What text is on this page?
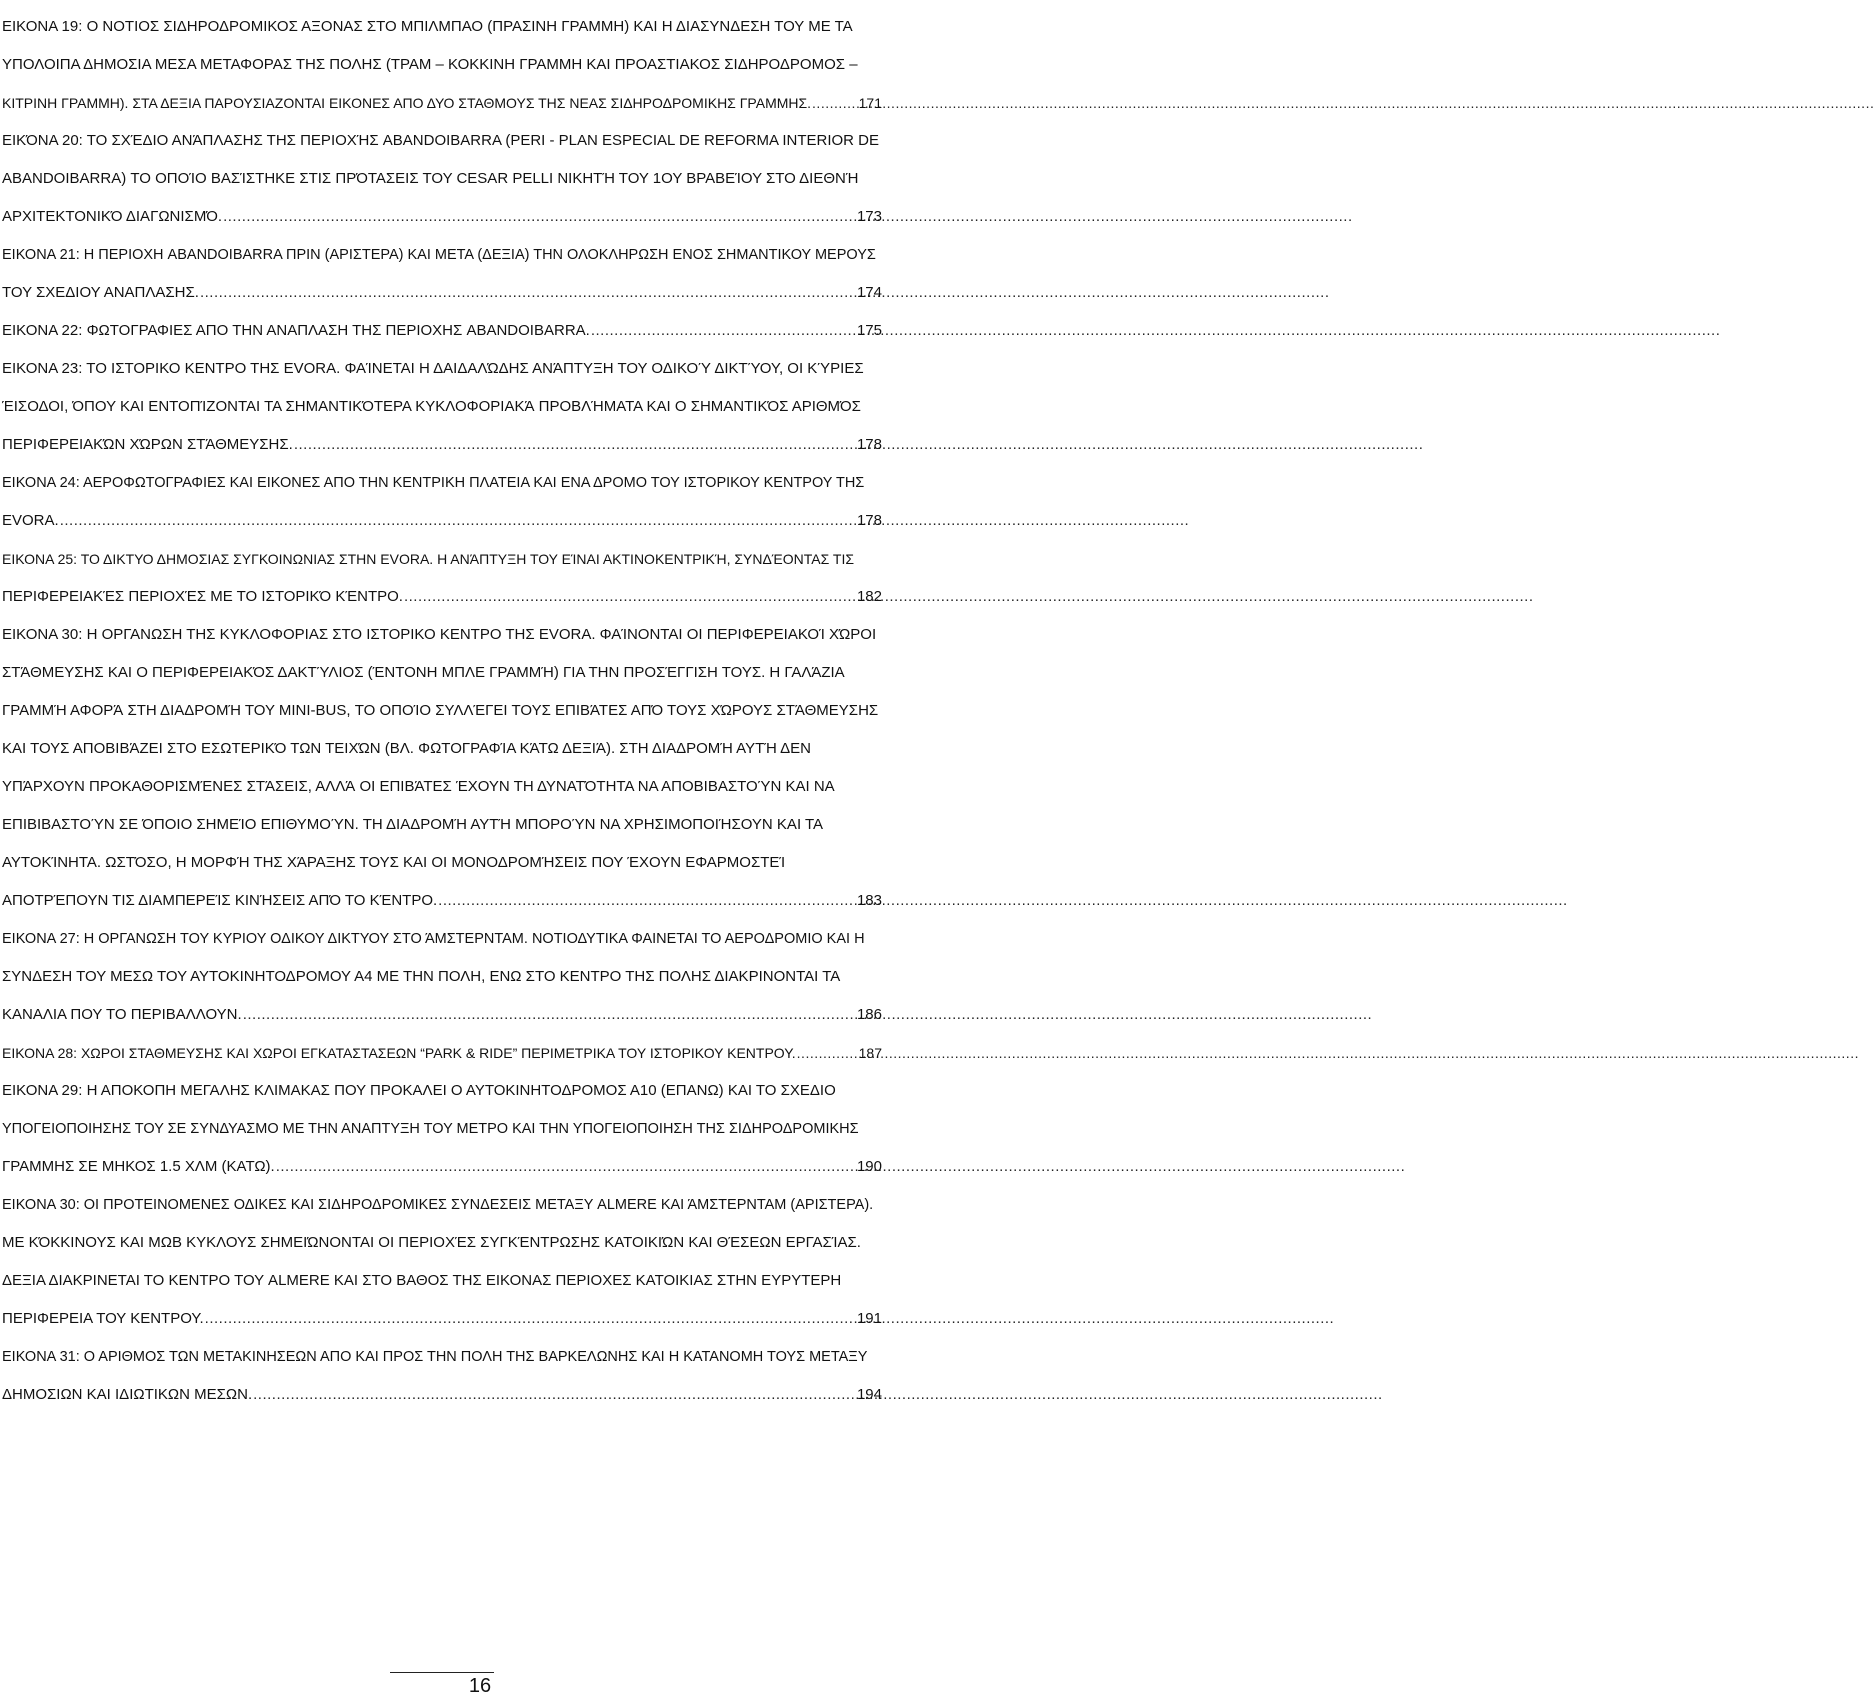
ΕΙΚΟΝΑ 19: Ο ΝΟΤΙΟΣ ΣΙΔΗΡΟΔΡΟΜΙΚΟΣ ΑΞΟΝΑΣ ΣΤΟ ΜΠΙΛΜΠΑΟ (ΠΡΑΣΙΝΗ ΓΡΑΜΜΗ) ΚΑΙ Η ΔΙΑΣΥΝΔΕΣΗ ΤΟΥ ΜΕ ΤΑ
ΥΠΟΛΟΙΠΑ ΔΗΜΟΣΙΑ ΜΕΣΑ ΜΕΤΑΦΟΡΑΣ ΤΗΣ ΠΟΛΗΣ (ΤΡΑΜ – ΚΟΚΚΙΝΗ ΓΡΑΜΜΗ ΚΑΙ ΠΡΟΑΣΤΙΑΚΟΣ ΣΙΔΗΡΟΔΡΟΜΟΣ –
ΚΙΤΡΙΝΗ ΓΡΑΜΜΗ). ΣΤΑ ΔΕΞΙΑ ΠΑΡΟΥΣΙΑΖΟΝΤΑΙ ΕΙΚΟΝΕΣ ΑΠΟ ΔΥΟ ΣΤΑΘΜΟΥΣ ΤΗΣ ΝΕΑΣ ΣΙΔΗΡΟΔΡΟΜΙΚΗΣ ΓΡΑΜΜΗΣ. .....	171
ΕΙΚΌΝΑ 20: ΤΟ ΣΧΈΔΙΟ ΑΝΆΠΛΑΣΗΣ ΤΗΣ ΠΕΡΙΟΧΉΣ ABANDOIBARRA (PERI - PLAN ESPECIAL DE REFORMA INTERIOR DE
ABANDOIBARRA) ΤΟ ΟΠΟΊΟ ΒΑΣΊΣΤΗΚΕ ΣΤΙΣ ΠΡΌΤΑΣΕΙΣ ΤΟΥ CESAR PELLI ΝΙΚΗΤΉ ΤΟΥ 1ΟΥ ΒΡΑΒΕΊΟΥ ΣΤΟ ΔΙΕΘΝΉ
ΑΡΧΙΤΕΚΤΟΝΙΚΌ ΔΙΑΓΩΝΙΣΜΌ. .....	173
ΕΙΚΟΝΑ 21: Η ΠΕΡΙΟΧΗ ABANDOIBARRA ΠΡΙΝ (ΑΡΙΣΤΕΡΑ) ΚΑΙ ΜΕΤΑ (ΔΕΞΙΑ) ΤΗΝ ΟΛΟΚΛΗΡΩΣΗ ΕΝΟΣ ΣΗΜΑΝΤΙΚΟΥ ΜΕΡΟΥΣ
ΤΟΥ ΣΧΕΔΙΟΥ ΑΝΑΠΛΑΣΗΣ. .....	174
ΕΙΚΟΝΑ 22: ΦΩΤΟΓΡΑΦΙΕΣ ΑΠΟ ΤΗΝ ΑΝΑΠΛΑΣΗ ΤΗΣ ΠΕΡΙΟΧΗΣ ABANDOIBARRA. .....	175
ΕΙΚΟΝΑ 23: ΤΟ ΙΣΤΟΡΙΚΟ ΚΕΝΤΡΟ ΤΗΣ EVORA. ΦΑΊΝΕΤΑΙ Η ΔΑΙΔΑΛΏΔΗΣ ΑΝΆΠΤΥΞΗ ΤΟΥ ΟΔΙΚΟΎ ΔΙΚΤΎΟΥ, ΟΙ ΚΎΡΙΕΣ
ΈΙΣΟΔΟΙ, ΌΠΟΥ ΚΑΙ ΕΝΤΟΠΊΖΟΝΤΑΙ ΤΑ ΣΗΜΑΝΤΙΚΌΤΕΡΑ ΚΥΚΛΟΦΟΡΙΑΚΆ ΠΡΟΒΛΉΜΑΤΑ ΚΑΙ Ο ΣΗΜΑΝΤΙΚΌΣ ΑΡΙΘΜΌΣ
ΠΕΡΙΦΕΡΕΙΑΚΏΝ ΧΏΡΩΝ ΣΤΆΘΜΕΥΣΗΣ. .....	178
ΕΙΚΟΝΑ 24: ΑΕΡΟΦΩΤΟΓΡΑΦΙΕΣ ΚΑΙ ΕΙΚΟΝΕΣ ΑΠΟ ΤΗΝ ΚΕΝΤΡΙΚΗ ΠΛΑΤΕΙΑ ΚΑΙ ΕΝΑ ΔΡΟΜΟ ΤΟΥ ΙΣΤΟΡΙΚΟΥ ΚΕΝΤΡΟΥ ΤΗΣ
EVORA. .....	178
ΕΙΚΟΝΑ 25: ΤΟ ΔΙΚΤΥΟ ΔΗΜΟΣΙΑΣ ΣΥΓΚΟΙΝΩΝΙΑΣ ΣΤΗΝ EVORA. Η ΑΝΆΠΤΥΞΗ ΤΟΥ ΕΊΝΑΙ ΑΚΤΙΝΟΚΕΝΤΡΙΚΉ, ΣΥΝΔΈΟΝΤΑΣ ΤΙΣ
ΠΕΡΙΦΕΡΕΙΑΚΈΣ ΠΕΡΙΟΧΈΣ ΜΕ ΤΟ ΙΣΤΟΡΙΚΌ ΚΈΝΤΡΟ. .....	182
ΕΙΚΟΝΑ 30: Η ΟΡΓΑΝΩΣΗ ΤΗΣ ΚΥΚΛΟΦΟΡΙΑΣ ΣΤΟ ΙΣΤΟΡΙΚΟ ΚΕΝΤΡΟ ΤΗΣ EVORA. ΦΑΊΝΟΝΤΑΙ ΟΙ ΠΕΡΙΦΕΡΕΙΑΚΟΊ ΧΏΡΟΙ
ΣΤΆΘΜΕΥΣΗΣ ΚΑΙ Ο ΠΕΡΙΦΕΡΕΙΑΚΌΣ ΔΑΚΤΎΛΙΟΣ (ΈΝΤΟΝΗ ΜΠΛΕ ΓΡΑΜΜΉ) ΓΙΑ ΤΗΝ ΠΡΟΣΈΓΓΙΣΗ ΤΟΥΣ. Η ΓΑΛΆΖΙΑ
ΓΡΑΜΜΉ ΑΦΟΡΆ ΣΤΗ ΔΙΑΔΡΟΜΉ ΤΟΥ MINI-BUS, ΤΟ ΟΠΟΊΟ ΣΥΛΛΈΓΕΙ ΤΟΥΣ ΕΠΙΒΆΤΕΣ ΑΠΌ ΤΟΥΣ ΧΏΡΟΥΣ ΣΤΆΘΜΕΥΣΗΣ
ΚΑΙ ΤΟΥΣ ΑΠΟΒΙΒΆΖΕΙ ΣΤΟ ΕΣΩΤΕΡΙΚΌ ΤΩΝ ΤΕΙΧΏΝ (ΒΛ. ΦΩΤΟΓΡΑΦΊΑ ΚΆΤΩ ΔΕΞΙΆ). ΣΤΗ ΔΙΑΔΡΟΜΉ ΑΥΤΉ ΔΕΝ
ΥΠΆΡΧΟΥΝ ΠΡΟΚΑΘΟΡΙΣΜΈΝΕΣ ΣΤΆΣΕΙΣ, ΑΛΛΆ ΟΙ ΕΠΙΒΆΤΕΣ ΈΧΟΥΝ ΤΗ ΔΥΝΑΤΌΤΗΤΑ ΝΑ ΑΠΟΒΙΒΑΣΤΟΎΝ ΚΑΙ ΝΑ
ΕΠΙΒΙΒΑΣΤΟΎΝ ΣΕ ΌΠΟΙΟ ΣΗΜΕΊΟ ΕΠΙΘΥΜΟΎΝ. ΤΗ ΔΙΑΔΡΟΜΉ ΑΥΤΉ ΜΠΟΡΟΎΝ ΝΑ ΧΡΗΣΙΜΟΠΟΙΉΣΟΥΝ ΚΑΙ ΤΑ
ΑΥΤΟΚΊΝΗΤΑ. ΩΣΤΌΣΟ, Η ΜΟΡΦΉ ΤΗΣ ΧΆΡΑΞΗΣ ΤΟΥΣ ΚΑΙ ΟΙ ΜΟΝΟΔΡΟΜΉΣΕΙΣ ΠΟΥ ΈΧΟΥΝ ΕΦΑΡΜΟΣΤΕΊ
ΑΠΟΤΡΈΠΟΥΝ ΤΙΣ ΔΙΑΜΠΕΡΕΊΣ ΚΙΝΉΣΕΙΣ ΑΠΌ ΤΟ ΚΈΝΤΡΟ. .....	183
ΕΙΚΟΝΑ 27: Η ΟΡΓΑΝΩΣΗ ΤΟΥ ΚΥΡΙΟΥ ΟΔΙΚΟΥ ΔΙΚΤΥΟΥ ΣΤΟ ΆΜΣΤΕΡΝΤΑΜ. ΝΟΤΙΟΔΥΤΙΚΑ ΦΑΙΝΕΤΑΙ ΤΟ ΑΕΡΟΔΡΟΜΙΟ ΚΑΙ Η
ΣΥΝΔΕΣΗ ΤΟΥ ΜΕΣΩ ΤΟΥ ΑΥΤΟΚΙΝΗΤΟΔΡΟΜΟΥ Α4 ΜΕ ΤΗΝ ΠΟΛΗ, ΕΝΩ ΣΤΟ ΚΕΝΤΡΟ ΤΗΣ ΠΟΛΗΣ ΔΙΑΚΡΙΝΟΝΤΑΙ ΤΑ
ΚΑΝΑΛΙΑ ΠΟΥ ΤΟ ΠΕΡΙΒΑΛΛΟΥΝ. .....	186
ΕΙΚΟΝΑ 28: ΧΩΡΟΙ ΣΤΑΘΜΕΥΣΗΣ ΚΑΙ ΧΩΡΟΙ ΕΓΚΑΤΑΣΤΑΣΕΩΝ “PARK & RIDE” ΠΕΡΙΜΕΤΡΙΚΑ ΤΟΥ ΙΣΤΟΡΙΚΟΥ ΚΕΝΤΡΟΥ. .....	187
ΕΙΚΟΝΑ 29: Η ΑΠΟΚΟΠΗ ΜΕΓΑΛΗΣ ΚΛΙΜΑΚΑΣ ΠΟΥ ΠΡΟΚΑΛΕΙ Ο ΑΥΤΟΚΙΝΗΤΟΔΡΟΜΟΣ Α10 (ΕΠΑΝΩ) ΚΑΙ ΤΟ ΣΧΕΔΙΟ
ΥΠΟΓΕΙΟΠΟΙΗΣΗΣ ΤΟΥ ΣΕ ΣΥΝΔΥΑΣΜΟ ΜΕ ΤΗΝ ΑΝΑΠΤΥΞΗ ΤΟΥ ΜΕΤΡΟ ΚΑΙ ΤΗΝ ΥΠΟΓΕΙΟΠΟΙΗΣΗ ΤΗΣ ΣΙΔΗΡΟΔΡΟΜΙΚΗΣ
ΓΡΑΜΜΗΣ ΣΕ ΜΗΚΟΣ 1.5 ΧΛΜ (ΚΑΤΩ). .....	190
ΕΙΚΟΝΑ 30: ΟΙ ΠΡΟΤΕΙΝΟΜΕΝΕΣ ΟΔΙΚΕΣ ΚΑΙ ΣΙΔΗΡΟΔΡΟΜΙΚΕΣ ΣΥΝΔΕΣΕΙΣ ΜΕΤΑΞΥ ALMERE ΚΑΙ ΆΜΣΤΕΡΝΤΑΜ (ΑΡΙΣΤΕΡΑ).
ΜΕ ΚΌΚΚΙΝΟΥΣ ΚΑΙ ΜΩΒ ΚΥΚΛΟΥΣ ΣΗΜΕΙΏΝΟΝΤΑΙ ΟΙ ΠΕΡΙΟΧΈΣ ΣΥΓΚΈΝΤΡΩΣΗΣ ΚΑΤΟΙΚΙΏΝ ΚΑΙ ΘΈΣΕΩΝ ΕΡΓΑΣΊΑΣ.
ΔΕΞΙΑ ΔΙΑΚΡΙΝΕΤΑΙ ΤΟ ΚΕΝΤΡΟ ΤΟΥ ALMERE ΚΑΙ ΣΤΟ ΒΑΘΟΣ ΤΗΣ ΕΙΚΟΝΑΣ ΠΕΡΙΟΧΕΣ ΚΑΤΟΙΚΙΑΣ ΣΤΗΝ ΕΥΡΥΤΕΡΗ
ΠΕΡΙΦΕΡΕΙΑ ΤΟΥ ΚΕΝΤΡΟΥ. .....	191
ΕΙΚΟΝΑ 31: Ο ΑΡΙΘΜΟΣ ΤΩΝ ΜΕΤΑΚΙΝΗΣΕΩΝ ΑΠΟ ΚΑΙ ΠΡΟΣ ΤΗΝ ΠΟΛΗ ΤΗΣ ΒΑΡΚΕΛΩΝΗΣ ΚΑΙ Η ΚΑΤΑΝΟΜΗ ΤΟΥΣ ΜΕΤΑΞΥ
ΔΗΜΟΣΙΩΝ ΚΑΙ ΙΔΙΩΤΙΚΩΝ ΜΕΣΩΝ. .....	194
16
